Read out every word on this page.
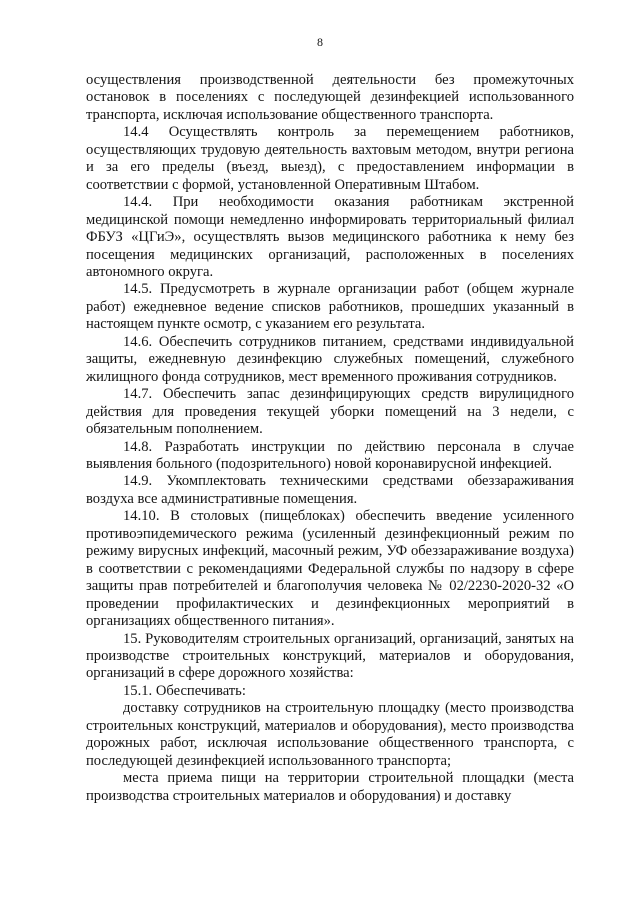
8

осуществления производственной деятельности без промежуточных остановок в поселениях с последующей дезинфекцией использованного транспорта, исключая использование общественного транспорта.

14.4 Осуществлять контроль за перемещением работников, осуществляющих трудовую деятельность вахтовым методом, внутри региона и за его пределы (въезд, выезд), с предоставлением информации в соответствии с формой, установленной Оперативным Штабом.

14.4. При необходимости оказания работникам экстренной медицинской помощи немедленно информировать территориальный филиал ФБУЗ «ЦГиЭ», осуществлять вызов медицинского работника к нему без посещения медицинских организаций, расположенных в поселениях автономного округа.

14.5. Предусмотреть в журнале организации работ (общем журнале работ) ежедневное ведение списков работников, прошедших указанный в настоящем пункте осмотр, с указанием его результата.

14.6. Обеспечить сотрудников питанием, средствами индивидуальной защиты, ежедневную дезинфекцию служебных помещений, служебного жилищного фонда сотрудников, мест временного проживания сотрудников.

14.7. Обеспечить запас дезинфицирующих средств вирулицидного действия для проведения текущей уборки помещений на 3 недели, с обязательным пополнением.

14.8. Разработать инструкции по действию персонала в случае выявления больного (подозрительного) новой коронавирусной инфекцией.

14.9. Укомплектовать техническими средствами обеззараживания воздуха все административные помещения.

14.10. В столовых (пищеблоках) обеспечить введение усиленного противоэпидемического режима (усиленный дезинфекционный режим по режиму вирусных инфекций, масочный режим, УФ обеззараживание воздуха) в соответствии с рекомендациями Федеральной службы по надзору в сфере защиты прав потребителей и благополучия человека № 02/2230-2020-32 «О проведении профилактических и дезинфекционных мероприятий в организациях общественного питания».

15. Руководителям строительных организаций, организаций, занятых на производстве строительных конструкций, материалов и оборудования, организаций в сфере дорожного хозяйства:

15.1. Обеспечивать:

доставку сотрудников на строительную площадку (место производства строительных конструкций, материалов и оборудования), место производства дорожных работ, исключая использование общественного транспорта, с последующей дезинфекцией использованного транспорта;

места приема пищи на территории строительной площадки (места производства строительных материалов и оборудования) и доставку
